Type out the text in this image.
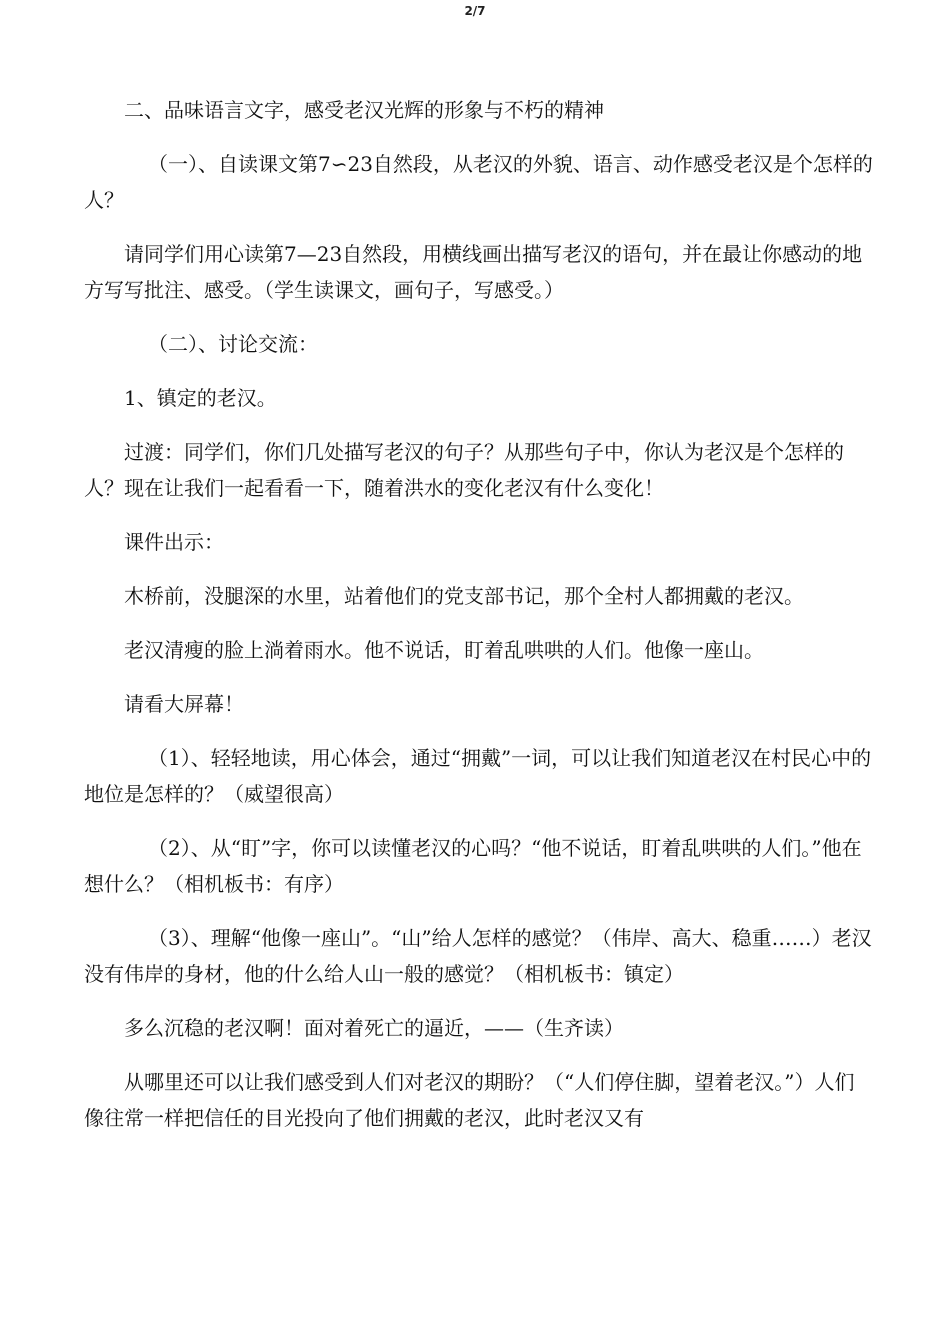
2/7

二、品味语言文字，感受老汉光辉的形象与不朽的精神

（一）、自读课文第7∽23自然段，从老汉的外貌、语言、动作感受老汉是个怎样的人？

请同学们用心读第7—23自然段，用横线画出描写老汉的语句，并在最让你感动的地方写写批注、感受。（学生读课文，画句子，写感受。）

（二）、讨论交流：

1、镇定的老汉。

过渡：同学们，你们几处描写老汉的句子？从那些句子中，你认为老汉是个怎样的人？现在让我们一起看看一下，随着洪水的变化老汉有什么变化！

课件出示：

木桥前，没腿深的水里，站着他们的党支部书记，那个全村人都拥戴的老汉。

老汉清瘦的脸上淌着雨水。他不说话，盯着乱哄哄的人们。他像一座山。

请看大屏幕！

（1）、轻轻地读，用心体会，通过“拥戴”一词，可以让我们知道老汉在村民心中的地位是怎样的？（威望很高）

（2）、从“盯”字，你可以读懂老汉的心吗？“他不说话，盯着乱哄哄的人们。”他在想什么？（相机板书：有序）

（3）、理解“他像一座山”。“山”给人怎样的感觉？（伟岸、高大、稳重……）老汉没有伟岸的身材，他的什么给人山一般的感觉？（相机板书：镇定）

多么沉稳的老汉啊！面对着死亡的逼近，——（生齐读）

从哪里还可以让我们感受到人们对老汉的期盼？（“人们停住脚，望着老汉。”）人们像往常一样把信任的目光投向了他们拥戴的老汉，此时老汉又有
